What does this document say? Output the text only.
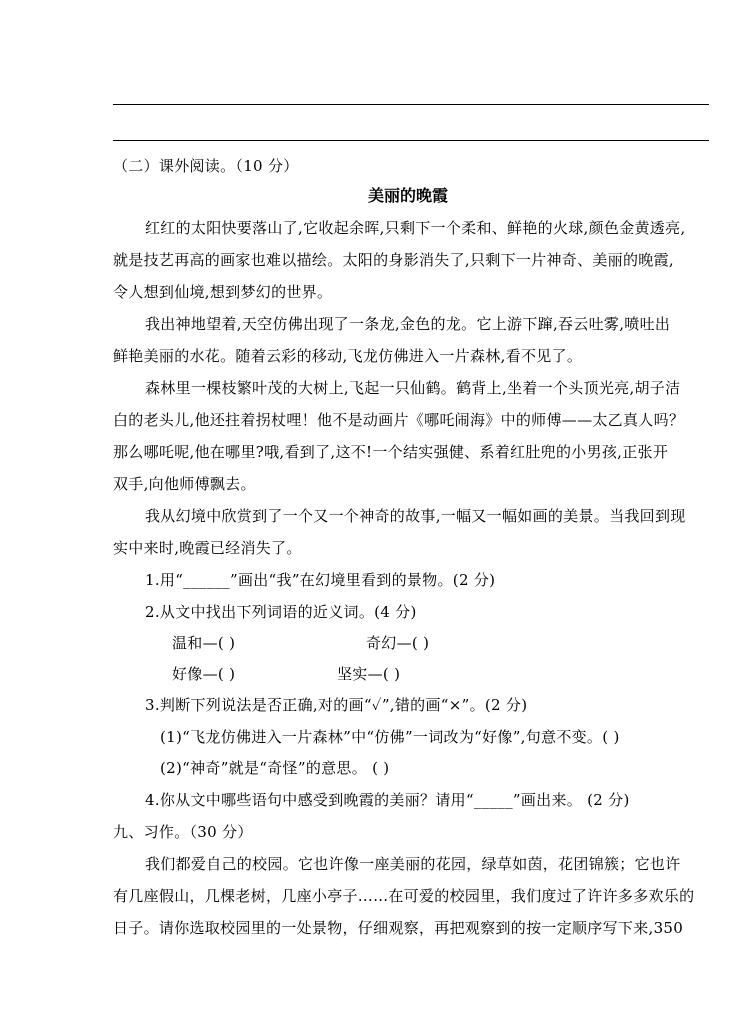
（二）课外阅读。（10 分）
美丽的晚霞
红红的太阳快要落山了,它收起余晖,只剩下一个柔和、鲜艳的火球,颜色金黄透亮,
就是技艺再高的画家也难以描绘。太阳的身影消失了,只剩下一片神奇、美丽的晚霞,
令人想到仙境,想到梦幻的世界。
我出神地望着,天空仿佛出现了一条龙,金色的龙。它上游下蹿,吞云吐雾,喷吐出
鲜艳美丽的水花。随着云彩的移动,飞龙仿佛进入一片森林,看不见了。
森林里一棵枝繁叶茂的大树上,飞起一只仙鹤。鹤背上,坐着一个头顶光亮,胡子洁
白的老头儿,他还拄着拐杖哩！他不是动画片《哪吒闹海》中的师傅——太乙真人吗？
那么哪吒呢,他在哪里?哦,看到了,这不!一个结实强健、系着红肚兜的小男孩,正张开
双手,向他师傅飘去。
我从幻境中欣赏到了一个又一个神奇的故事,一幅又一幅如画的美景。当我回到现
实中来时,晚霞已经消失了。
1.用“______”画出“我”在幻境里看到的景物。(2 分)
2.从文中找出下列词语的近义词。(4 分)
温和—( )	奇幻—( )
好像—( )	坚实—( )
3.判断下列说法是否正确,对的画“✓”,错的画“×”。(2 分)
(1)“飞龙仿佛进入一片森林”中“仿佛”一词改为“好像”,句意不变。( )
(2)“神奇”就是“奇怪”的意思。 ( )
4.你从文中哪些语句中感受到晚霞的美丽？请用“_____”画出来。 (2 分)
九、习作。（30 分）
我们都爱自己的校园。它也许像一座美丽的花园，绿草如茵，花团锦簇；它也许
有几座假山，几棵老树，几座小亭子……在可爱的校园里，我们度过了许许多多欢乐的
日子。请你选取校园里的一处景物，仔细观察，再把观察到的按一定顺序写下来,350
